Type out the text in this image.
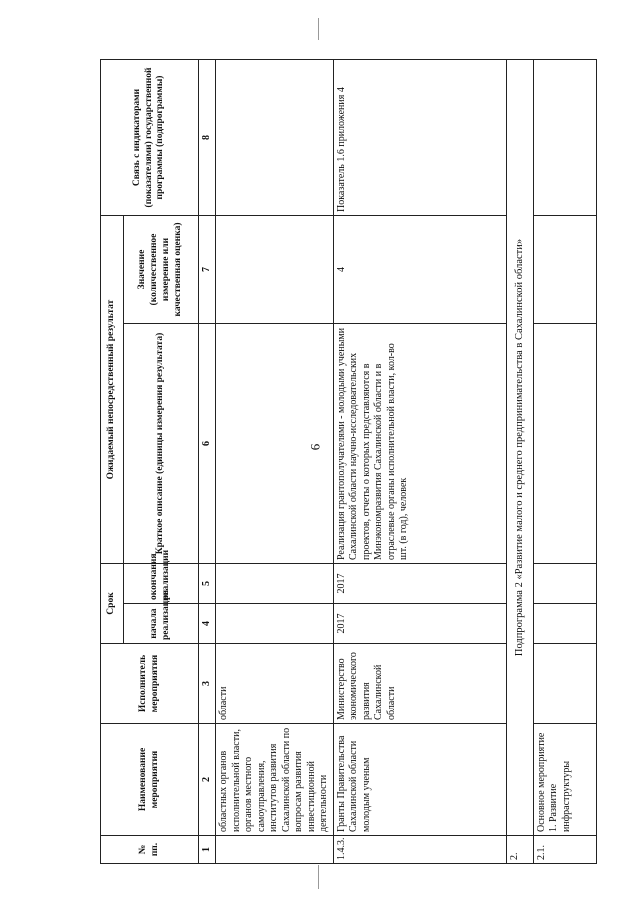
9
№ пп.	Наименование мероприятия	Исполнитель мероприятия	Срок		Ожидаемый непосредственный результат		Связь с индикаторами (показателями) государственной программы (подпрограммы)
			начала реализации	окончания реализации	Краткое описание (единицы измерения результата)	Значение (количественное измерение или качественная оценка)	
1	2	3	4	5	6	7	8
	областных органов исполнительной власти, органов местного самоуправления, институтов развития Сахалинской области по вопросам развития инвестиционной деятельности	области					
1.4.3.	Гранты Правительства Сахалинской области молодым ученым	Министерство экономического развития Сахалинской области	2017	2017	Реализация грантополучателями - молодыми учеными Сахалинской области научно-исследовательских проектов, отчеты о которых представляются в Минэкономразвития Сахалинской области и в отраслевые органы исполнительной власти, кол-во шт. (в год), человек	4	Показатель 1.6 приложения 4
2.	Подпрограмма 2 «Развитие малого и среднего предпринимательства в Сахалинской области»						
2.1.	Основное мероприятие 1. Развитие инфраструктуры						
